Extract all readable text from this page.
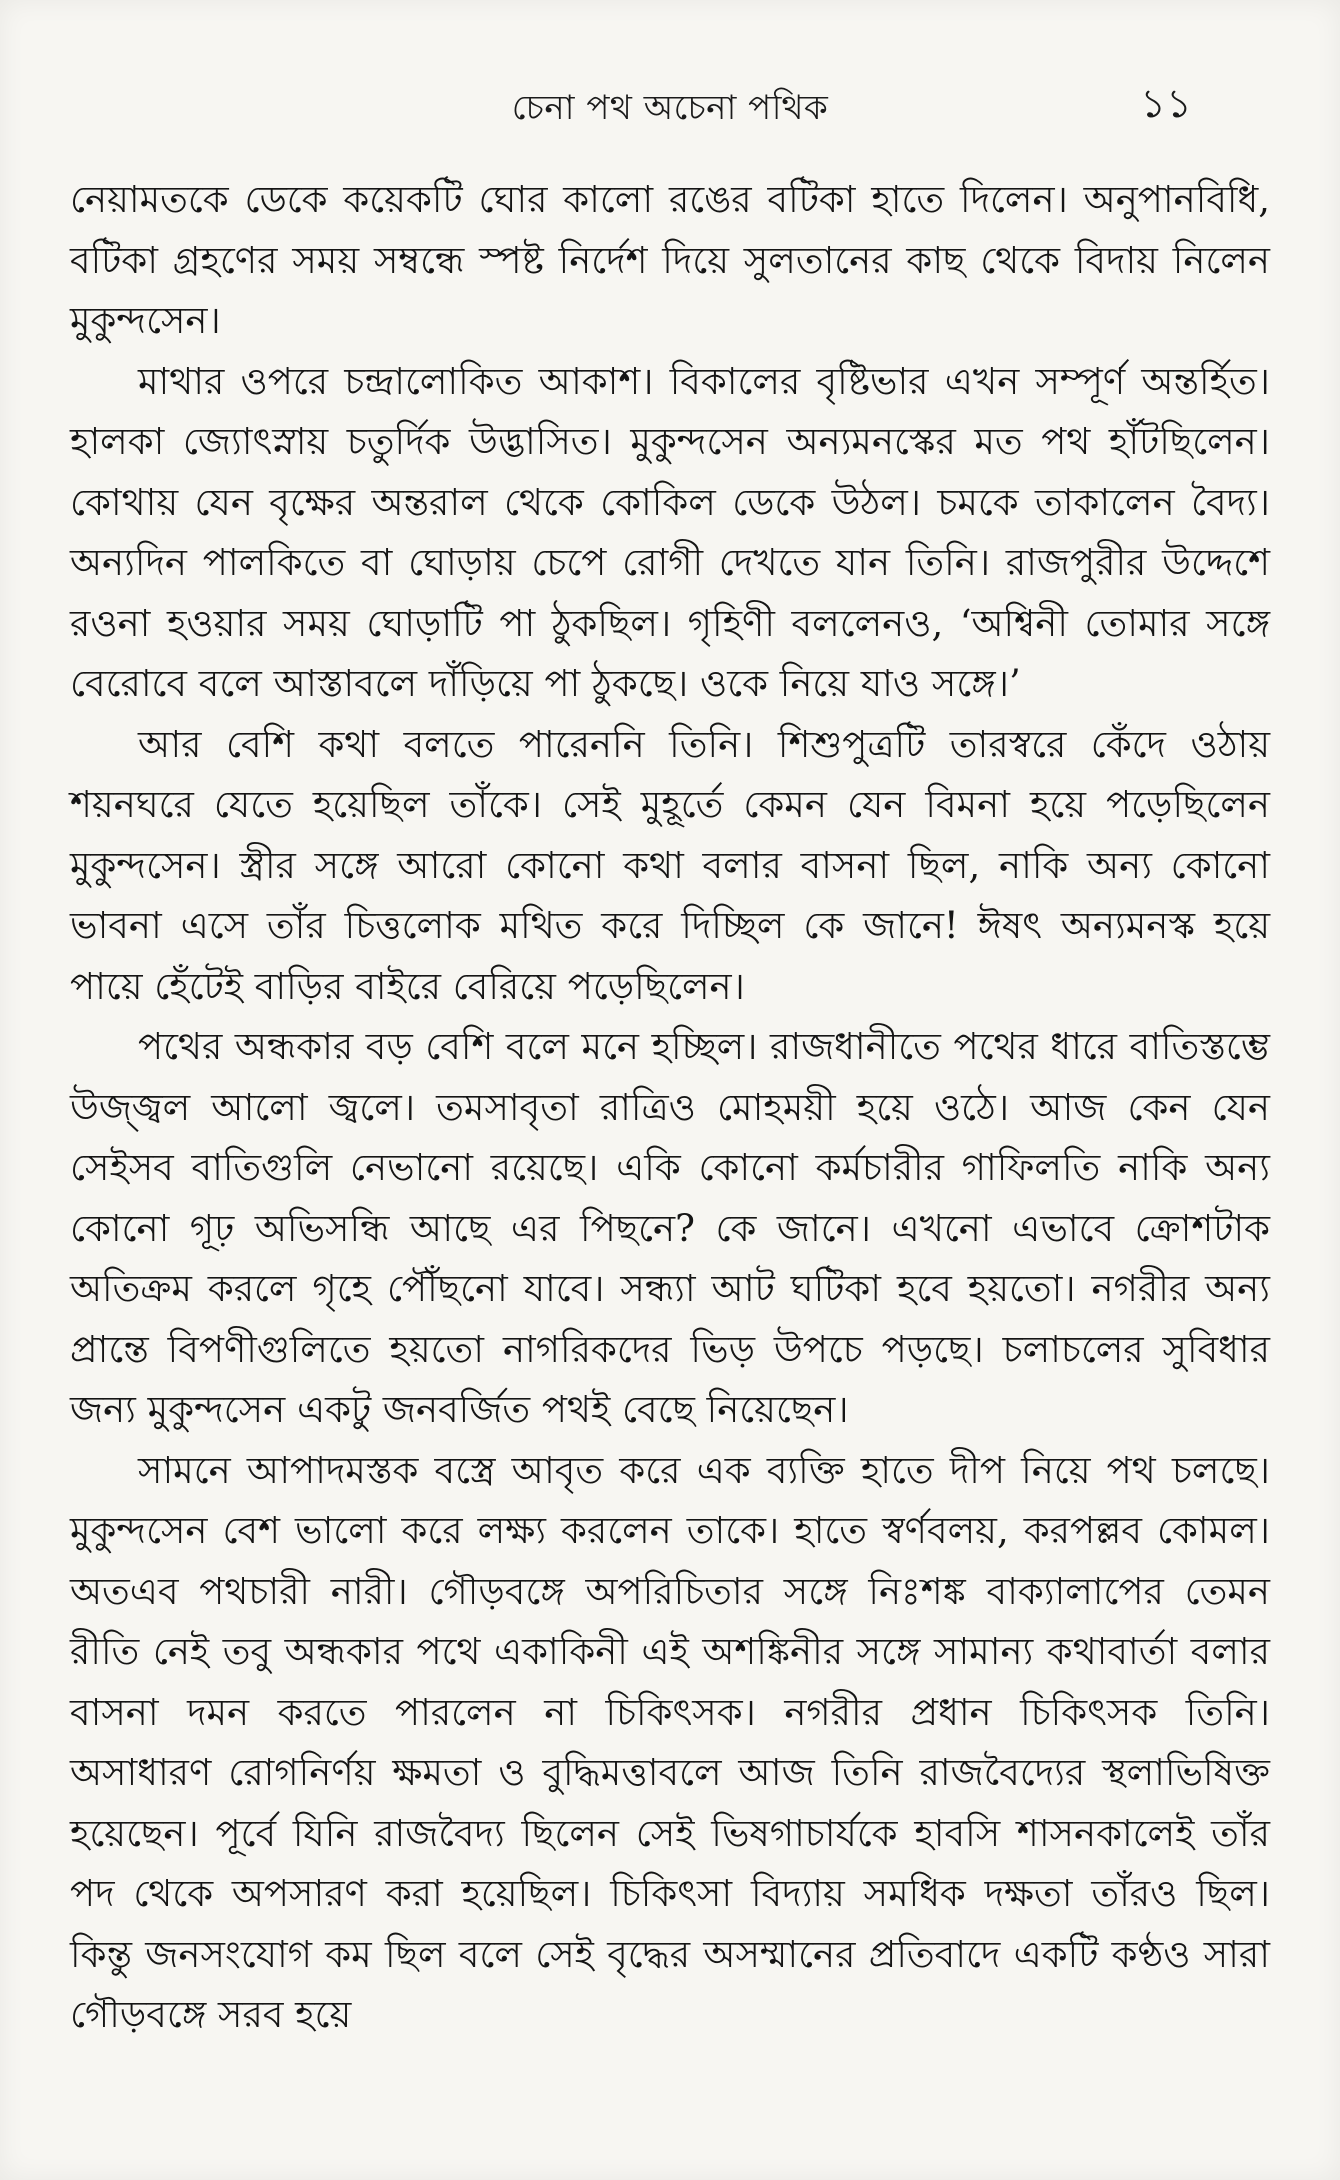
চেনা পথ অচেনা পথিক	১১

নেয়ামতকে ডেকে কয়েকটি ঘোর কালো রঙের বটিকা হাতে দিলেন। অনুপানবিধি, বটিকা গ্রহণের সময় সম্বন্ধে স্পষ্ট নির্দেশ দিয়ে সুলতানের কাছ থেকে বিদায় নিলেন মুকুন্দসেন।

মাথার ওপরে চন্দ্রালোকিত আকাশ। বিকালের বৃষ্টিভার এখন সম্পূর্ণ অন্তর্হিত। হালকা জ্যোৎস্নায় চতুর্দিক উদ্ভাসিত। মুকুন্দসেন অন্যমনস্কের মত পথ হাঁটছিলেন। কোথায় যেন বৃক্ষের অন্তরাল থেকে কোকিল ডেকে উঠল। চমকে তাকালেন বৈদ্য। অন্যদিন পালকিতে বা ঘোড়ায় চেপে রোগী দেখতে যান তিনি। রাজপুরীর উদ্দেশে রওনা হওয়ার সময় ঘোড়াটি পা ঠুকছিল। গৃহিণী বললেনও, ‘অশ্বিনী তোমার সঙ্গে বেরোবে বলে আস্তাবলে দাঁড়িয়ে পা ঠুকছে। ওকে নিয়ে যাও সঙ্গে।’

আর বেশি কথা বলতে পারেননি তিনি। শিশুপুত্রটি তারস্বরে কেঁদে ওঠায় শয়নঘরে যেতে হয়েছিল তাঁকে। সেই মুহূর্তে কেমন যেন বিমনা হয়ে পড়েছিলেন মুকুন্দসেন। স্ত্রীর সঙ্গে আরো কোনো কথা বলার বাসনা ছিল, নাকি অন্য কোনো ভাবনা এসে তাঁর চিত্তলোক মথিত করে দিচ্ছিল কে জানে! ঈষৎ অন্যমনস্ক হয়ে পায়ে হেঁটেই বাড়ির বাইরে বেরিয়ে পড়েছিলেন।

পথের অন্ধকার বড় বেশি বলে মনে হচ্ছিল। রাজধানীতে পথের ধারে বাতিস্তম্ভে উজ্জ্বল আলো জ্বলে। তমসাবৃতা রাত্রিও মোহময়ী হয়ে ওঠে। আজ কেন যেন সেইসব বাতিগুলি নেভানো রয়েছে। একি কোনো কর্মচারীর গাফিলতি নাকি অন্য কোনো গূঢ় অভিসন্ধি আছে এর পিছনে? কে জানে। এখনো এভাবে ক্রোশটাক অতিক্রম করলে গৃহে পৌঁছনো যাবে। সন্ধ্যা আট ঘটিকা হবে হয়তো। নগরীর অন্য প্রান্তে বিপণীগুলিতে হয়তো নাগরিকদের ভিড় উপচে পড়ছে। চলাচলের সুবিধার জন্য মুকুন্দসেন একটু জনবর্জিত পথই বেছে নিয়েছেন।

সামনে আপাদমস্তক বস্ত্রে আবৃত করে এক ব্যক্তি হাতে দীপ নিয়ে পথ চলছে। মুকুন্দসেন বেশ ভালো করে লক্ষ্য করলেন তাকে। হাতে স্বর্ণবলয়, করপল্লব কোমল। অতএব পথচারী নারী। গৌড়বঙ্গে অপরিচিতার সঙ্গে নিঃশঙ্ক বাক্যালাপের তেমন রীতি নেই তবু অন্ধকার পথে একাকিনী এই অশঙ্কিনীর সঙ্গে সামান্য কথাবার্তা বলার বাসনা দমন করতে পারলেন না চিকিৎসক। নগরীর প্রধান চিকিৎসক তিনি। অসাধারণ রোগনির্ণয় ক্ষমতা ও বুদ্ধিমত্তাবলে আজ তিনি রাজবৈদ্যের স্থলাভিষিক্ত হয়েছেন। পূর্বে যিনি রাজবৈদ্য ছিলেন সেই ভিষগাচার্যকে হাবসি শাসনকালেই তাঁর পদ থেকে অপসারণ করা হয়েছিল। চিকিৎসা বিদ্যায় সমধিক দক্ষতা তাঁরও ছিল। কিন্তু জনসংযোগ কম ছিল বলে সেই বৃদ্ধের অসম্মানের প্রতিবাদে একটি কণ্ঠও সারা গৌড়বঙ্গে সরব হয়ে
